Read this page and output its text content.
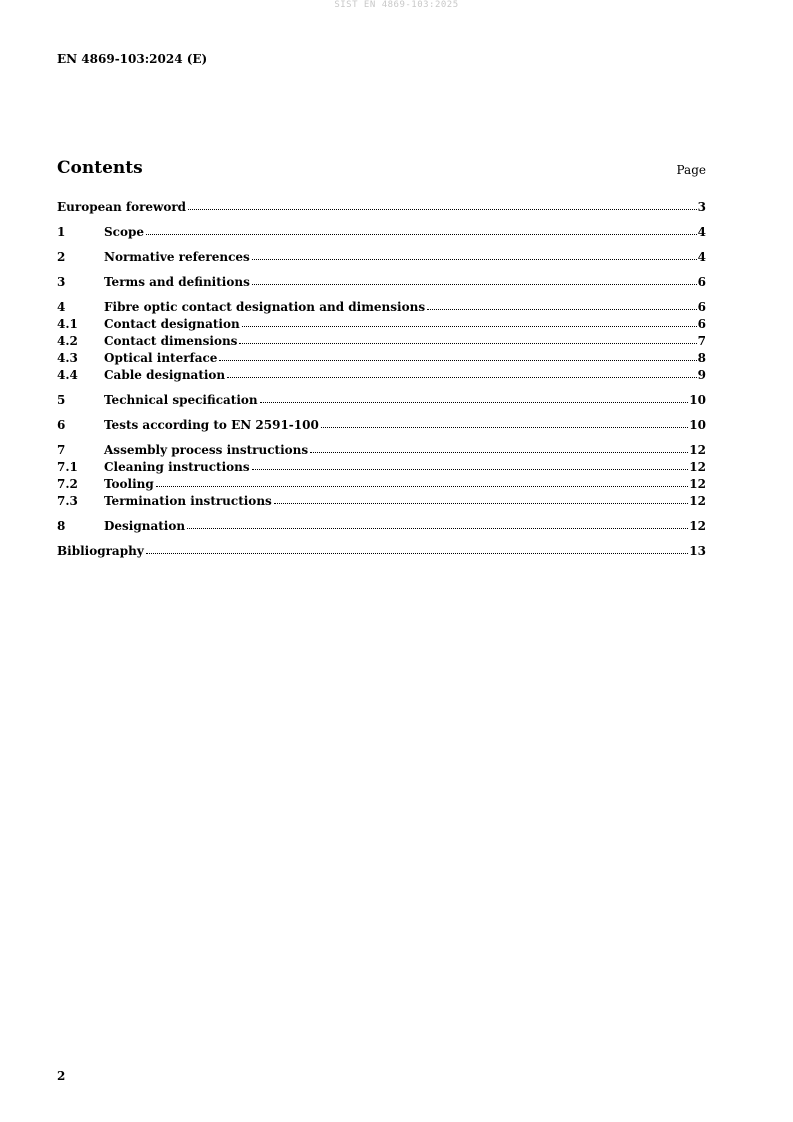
SIST EN 4869-103:2025
EN 4869-103:2024 (E)
Contents	Page
European foreword	3
1	Scope	4
2	Normative references	4
3	Terms and definitions	6
4	Fibre optic contact designation and dimensions	6
4.1	Contact designation	6
4.2	Contact dimensions	7
4.3	Optical interface	8
4.4	Cable designation	9
5	Technical specification	10
6	Tests according to EN 2591-100	10
7	Assembly process instructions	12
7.1	Cleaning instructions	12
7.2	Tooling	12
7.3	Termination instructions	12
8	Designation	12
Bibliography	13
2
